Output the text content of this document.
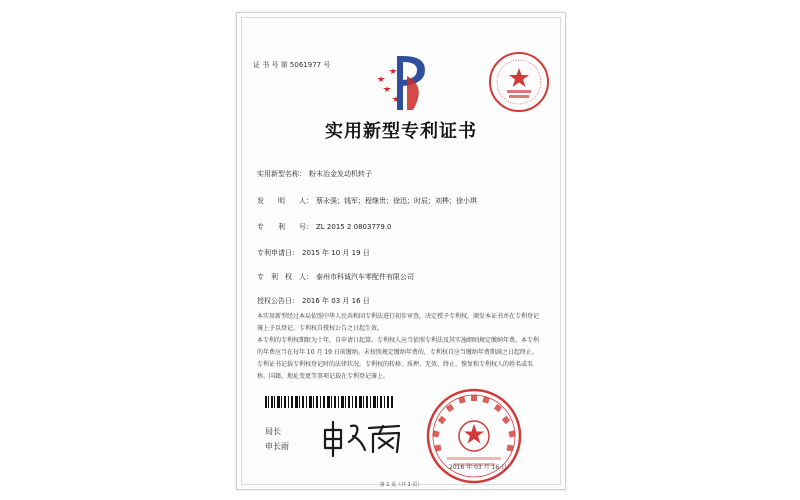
证 书 号 第 5061977 号
实用新型专利证书
实用新型名称： 粉末冶金发动机转子
发　　明　　人： 蔡永强；钱军；程继贵；徐迅；时辰；刘桦；徐小琪
专　　利　　号： ZL 2015 2 0803779.0
专利申请日： 2015 年 10 月 19 日
专　利　权　人： 泰州市科诚汽车零配件有限公司
授权公告日： 2016 年 03 月 16 日

本实用新型经过本局依照中华人民共和国专利法进行初步审查，决定授予专利权，颁发本证书并在专利登记簿上予以登记。专利权自授权公告之日起生效。

本专利的专利权期限为十年，自申请日起算。专利权人应当依照专利法及其实施细则规定缴纳年费。本专利的年费应当在每年 10 月 19 日前缴纳。未按照规定缴纳年费的，专利权自应当缴纳年费期满之日起终止。

专利证书记载专利权登记时的法律状况。专利权的转移、质押、无效、终止、恢复和专利权人的姓名或名称、国籍、地址变更等事项记载在专利登记簿上。

局长
申长雨
2016 年 03 月 16 日
第 1 页（共 1 页）
